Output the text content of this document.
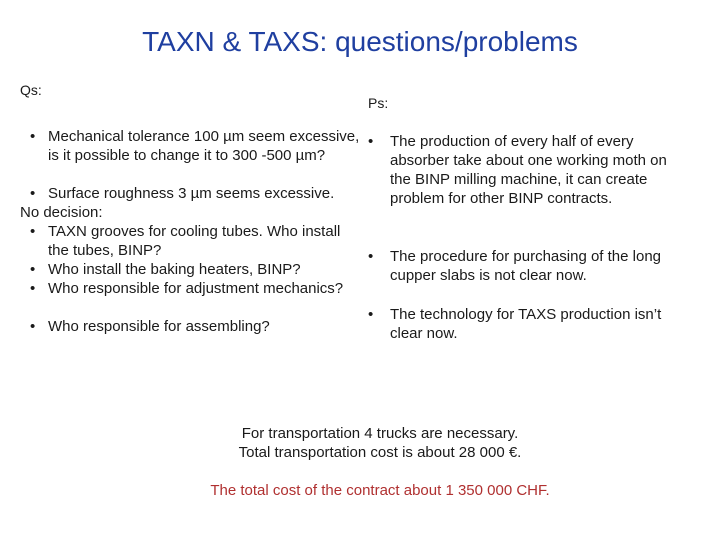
TAXN & TAXS: questions/problems
Qs:
Ps:
• Mechanical tolerance 100 µm seem excessive, is it possible to change it to 300 -500 µm?
• Surface roughness 3 µm seems excessive.
No decision:
• TAXN grooves for cooling tubes. Who install the tubes, BINP?
• Who install the baking heaters, BINP?
• Who responsible for adjustment mechanics?
• Who responsible for assembling?
• The production of every half of every absorber take about one working moth on the BINP milling machine, it can create problem for other BINP contracts.
• The procedure for purchasing of the long cupper slabs is not clear now.
• The technology for TAXS production isn’t clear now.
For transportation 4 trucks are necessary.
Total transportation cost is about 28 000 €.
The total cost of the contract about 1 350 000 CHF.
